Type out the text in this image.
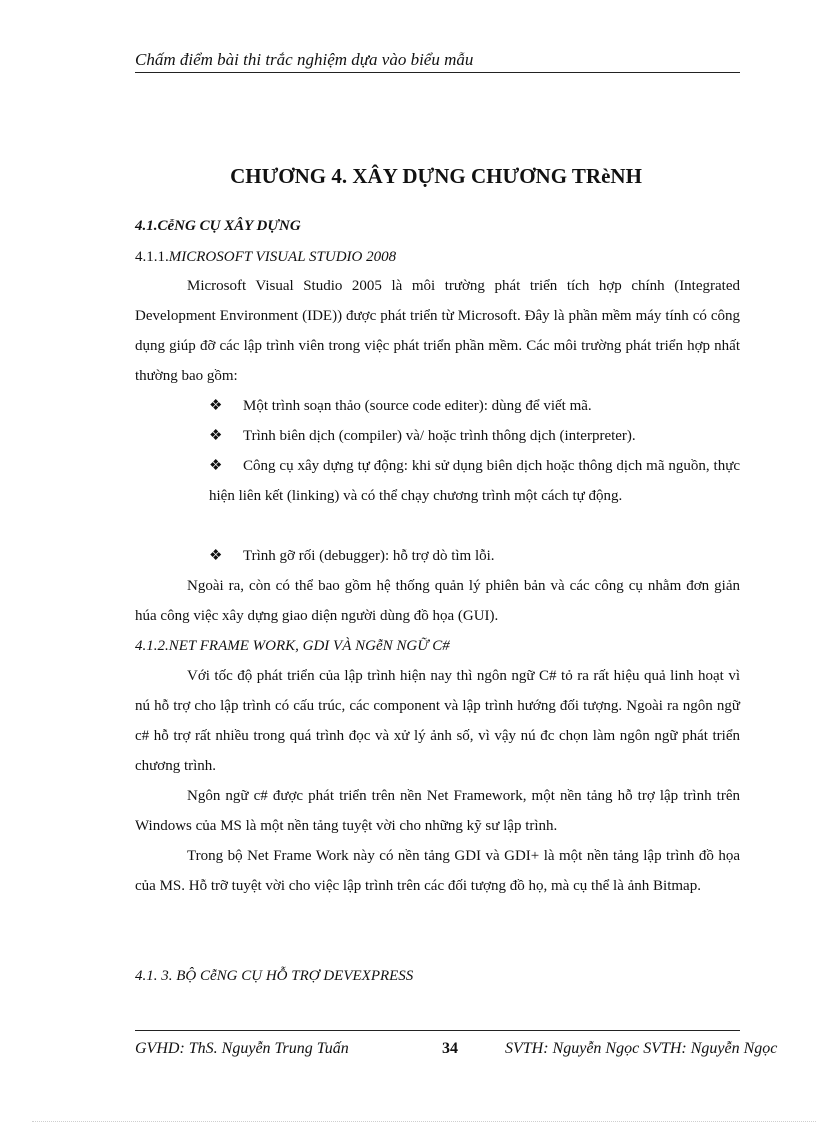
Chấm điểm bài thi trắc nghiệm dựa vào biểu mẫu
CHƯƠNG 4. XÂY DỰNG CHƯƠNG TRèNH
4.1.CễNG CỤ XÂY DỰNG
4.1.1.MICROSOFT VISUAL STUDIO 2008

Microsoft Visual Studio 2005 là môi trường phát triển tích hợp chính (Integrated Development Environment (IDE)) được phát triển từ Microsoft. Đây là phần mềm máy tính có công dụng giúp đỡ các lập trình viên trong việc phát triển phần mềm. Các môi trường phát triển hợp nhất thường bao gồm:

❖ Một trình soạn thảo (source code editer): dùng để viết mã.

❖ Trình biên dịch (compiler) và/ hoặc trình thông dịch (interpreter).

❖ Công cụ xây dựng tự động: khi sử dụng biên dịch hoặc thông dịch mã nguồn, thực hiện liên kết (linking) và có thể chạy chương trình một cách tự động.

❖ Trình gỡ rối (debugger): hỗ trợ dò tìm lỗi.

Ngoài ra, còn có thể bao gồm hệ thống quản lý phiên bản và các công cụ nhằm đơn giản húa công việc xây dựng giao diện người dùng đồ họa (GUI).

4.1.2.NET FRAME WORK, GDI VÀ NGễN NGỮ C#

Với tốc độ phát triển của lập trình hiện nay thì ngôn ngữ C# tỏ ra rất hiệu quả linh hoạt vì nú hỗ trợ cho lập trình có cấu trúc, các component và lập trình hướng đối tượng. Ngoài ra ngôn ngữ c# hỗ trợ rất nhiều trong quá trình đọc và xử lý ảnh số, vì vậy nú đc chọn làm ngôn ngữ phát triển chương trình.

Ngôn ngữ c# được phát triển trên nền Net Framework, một nền tảng hỗ trợ lập trình trên Windows của MS là một nền tảng tuyệt vời cho những kỹ sư lập trình.

Trong bộ Net Frame Work này có nền tảng GDI và GDI+ là một nền tảng lập trình đồ họa của MS. Hỗ trỡ tuyệt vời cho việc lập trình trên các đối tượng đồ họ, mà cụ thể là ảnh Bitmap.

4.1. 3. BỘ CễNG CỤ HỖ TRỢ DEVEXPRESS
GVHD: ThS. Nguyễn Trung Tuấn	34	SVTH: Nguyễn Ngọc SVTH: Nguyễn Ngọc
